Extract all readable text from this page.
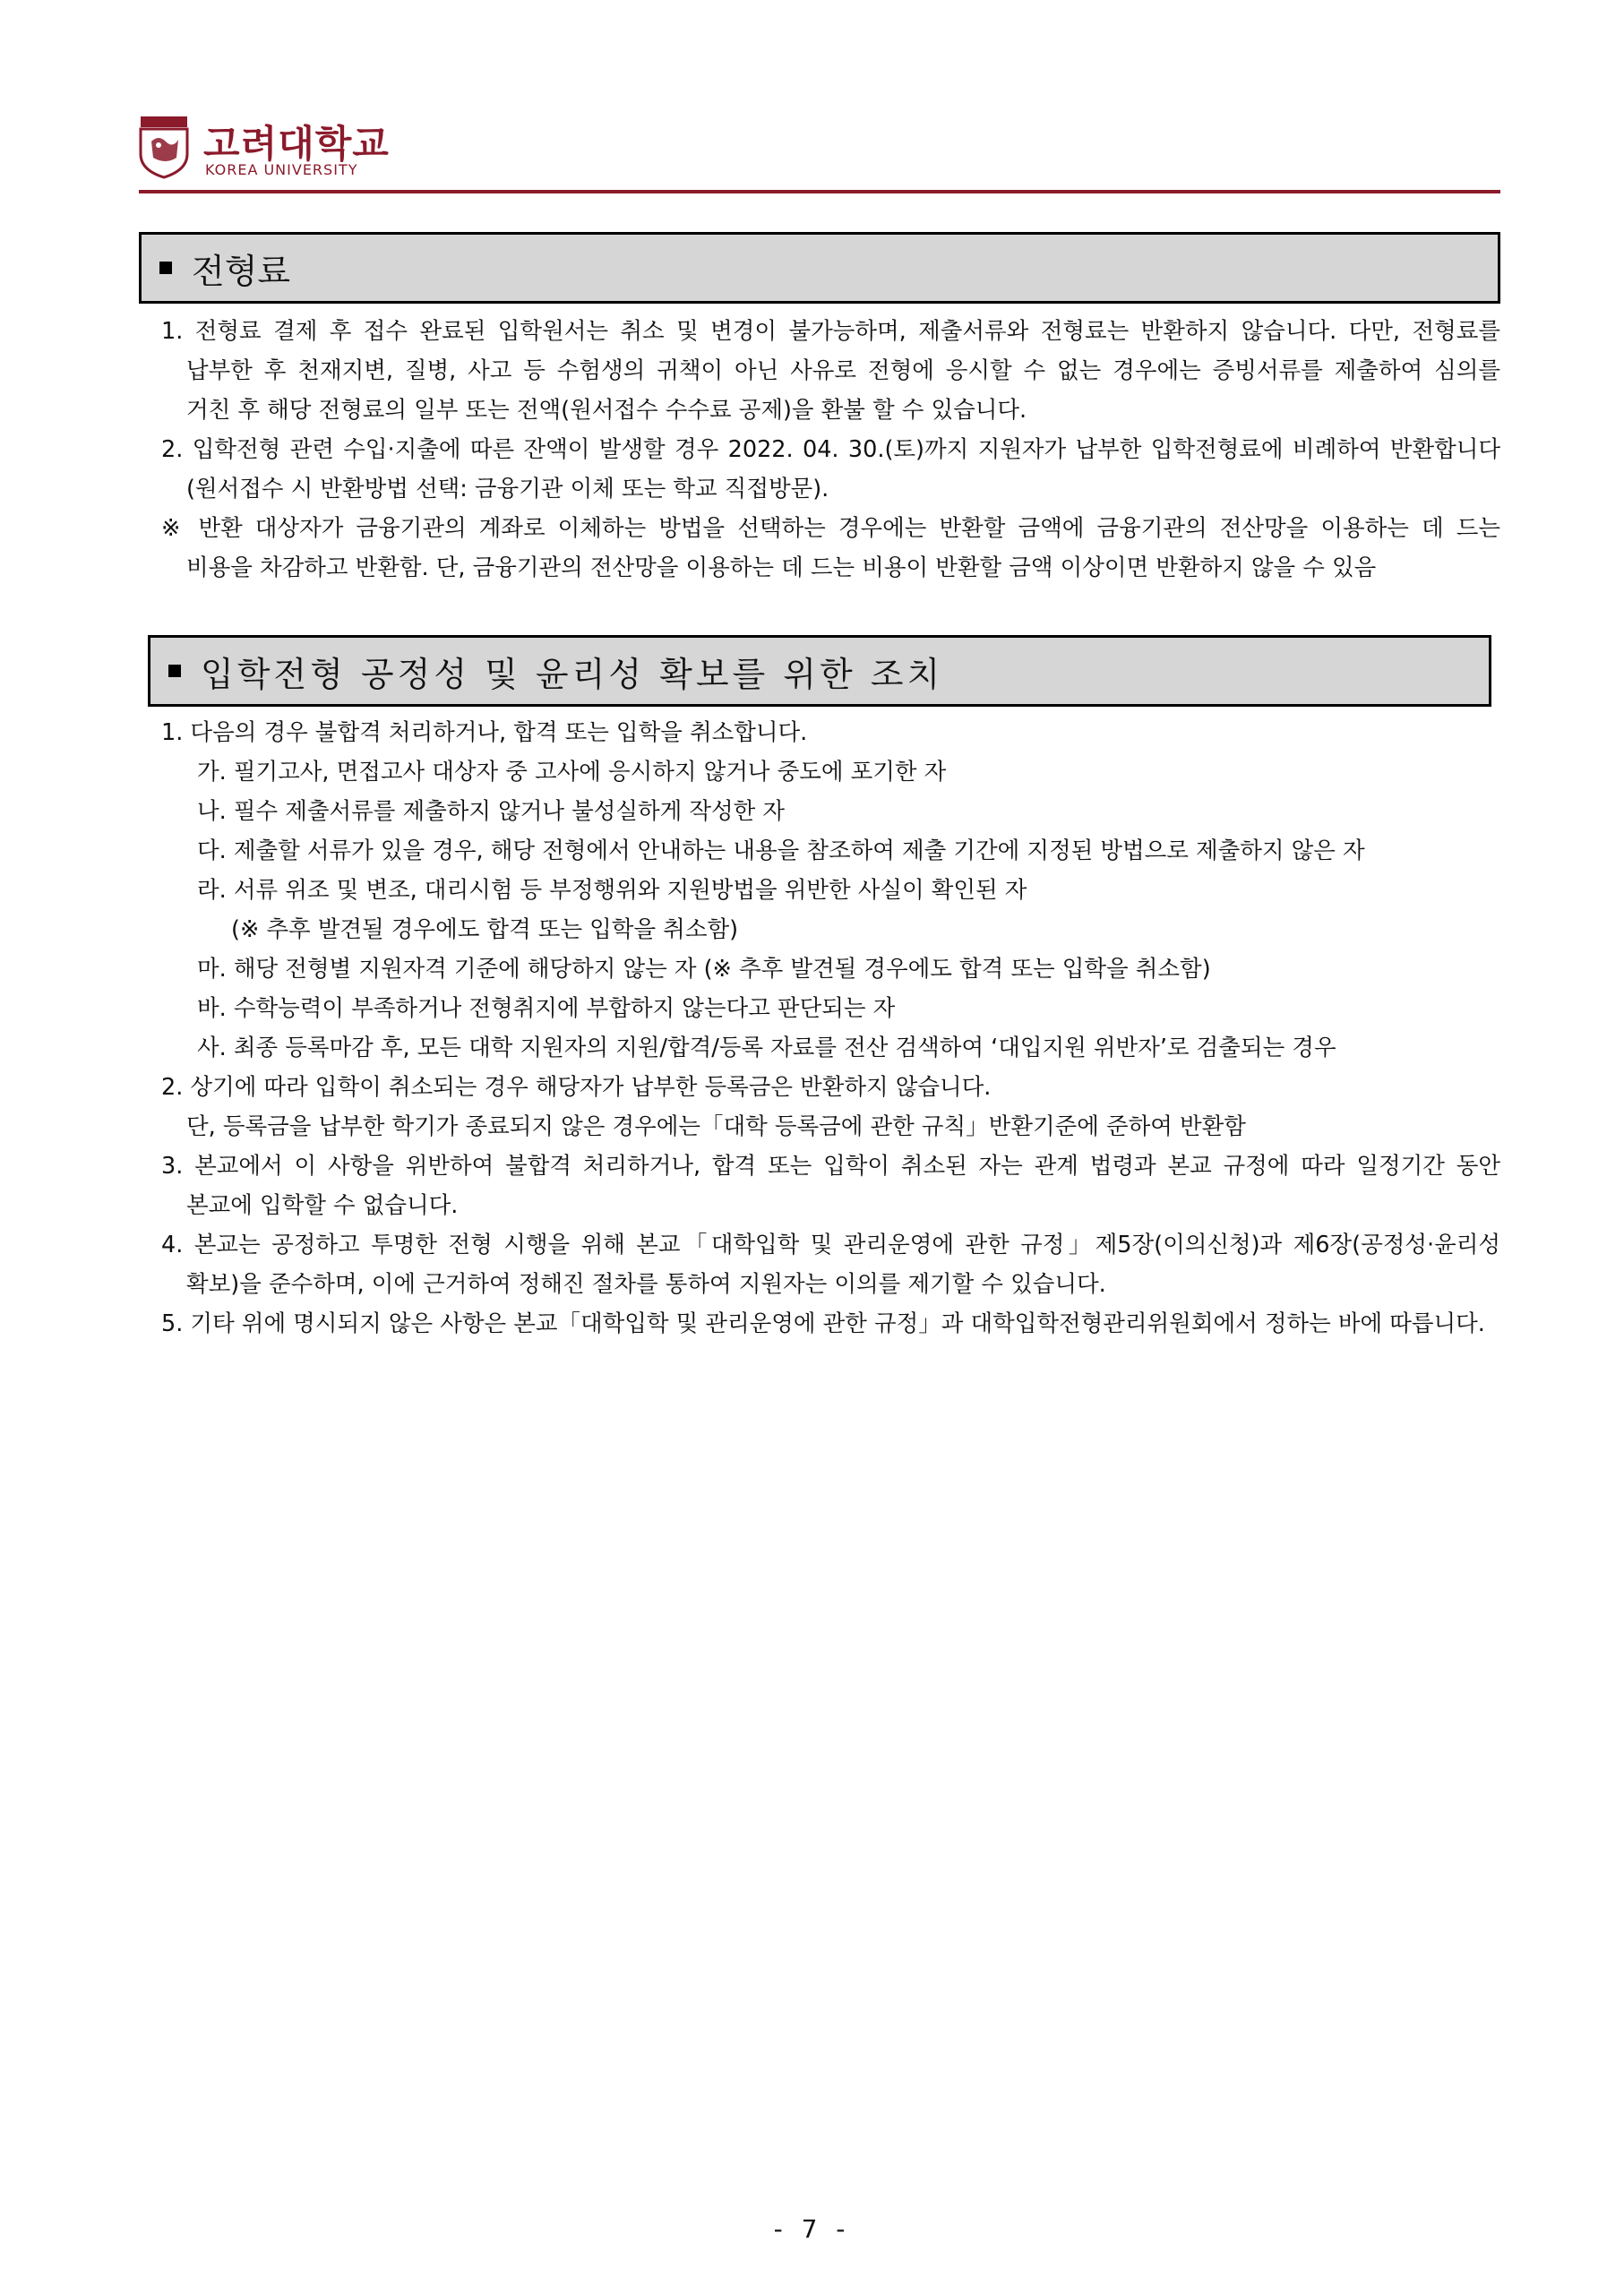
고려대학교
KOREA UNIVERSITY
전형료
1. 전형료 결제 후 접수 완료된 입학원서는 취소 및 변경이 불가능하며, 제출서류와 전형료는 반환하지 않습니다. 다만, 전형료를
납부한 후 천재지변, 질병, 사고 등 수험생의 귀책이 아닌 사유로 전형에 응시할 수 없는 경우에는 증빙서류를 제출하여 심의를
거친 후 해당 전형료의 일부 또는 전액(원서접수 수수료 공제)을 환불 할 수 있습니다.
2. 입학전형 관련 수입·지출에 따른 잔액이 발생할 경우 2022. 04. 30.(토)까지 지원자가 납부한 입학전형료에 비례하여 반환합니다
(원서접수 시 반환방법 선택: 금융기관 이체 또는 학교 직접방문).
※ 반환 대상자가 금융기관의 계좌로 이체하는 방법을 선택하는 경우에는 반환할 금액에 금융기관의 전산망을 이용하는 데 드는
비용을 차감하고 반환함. 단, 금융기관의 전산망을 이용하는 데 드는 비용이 반환할 금액 이상이면 반환하지 않을 수 있음
입학전형 공정성 및 윤리성 확보를 위한 조치
1. 다음의 경우 불합격 처리하거나, 합격 또는 입학을 취소합니다.
가. 필기고사, 면접고사 대상자 중 고사에 응시하지 않거나 중도에 포기한 자
나. 필수 제출서류를 제출하지 않거나 불성실하게 작성한 자
다. 제출할 서류가 있을 경우, 해당 전형에서 안내하는 내용을 참조하여 제출 기간에 지정된 방법으로 제출하지 않은 자
라. 서류 위조 및 변조, 대리시험 등 부정행위와 지원방법을 위반한 사실이 확인된 자
(※ 추후 발견될 경우에도 합격 또는 입학을 취소함)
마. 해당 전형별 지원자격 기준에 해당하지 않는 자 (※ 추후 발견될 경우에도 합격 또는 입학을 취소함)
바. 수학능력이 부족하거나 전형취지에 부합하지 않는다고 판단되는 자
사. 최종 등록마감 후, 모든 대학 지원자의 지원/합격/등록 자료를 전산 검색하여 ‘대입지원 위반자’로 검출되는 경우
2. 상기에 따라 입학이 취소되는 경우 해당자가 납부한 등록금은 반환하지 않습니다.
단, 등록금을 납부한 학기가 종료되지 않은 경우에는「대학 등록금에 관한 규칙」반환기준에 준하여 반환함
3. 본교에서 이 사항을 위반하여 불합격 처리하거나, 합격 또는 입학이 취소된 자는 관계 법령과 본교 규정에 따라 일정기간 동안
본교에 입학할 수 없습니다.
4. 본교는 공정하고 투명한 전형 시행을 위해 본교「대학입학 및 관리운영에 관한 규정」제5장(이의신청)과 제6장(공정성·윤리성
확보)을 준수하며, 이에 근거하여 정해진 절차를 통하여 지원자는 이의를 제기할 수 있습니다.
5. 기타 위에 명시되지 않은 사항은 본교「대학입학 및 관리운영에 관한 규정」과 대학입학전형관리위원회에서 정하는 바에 따릅니다.
- 7 -
